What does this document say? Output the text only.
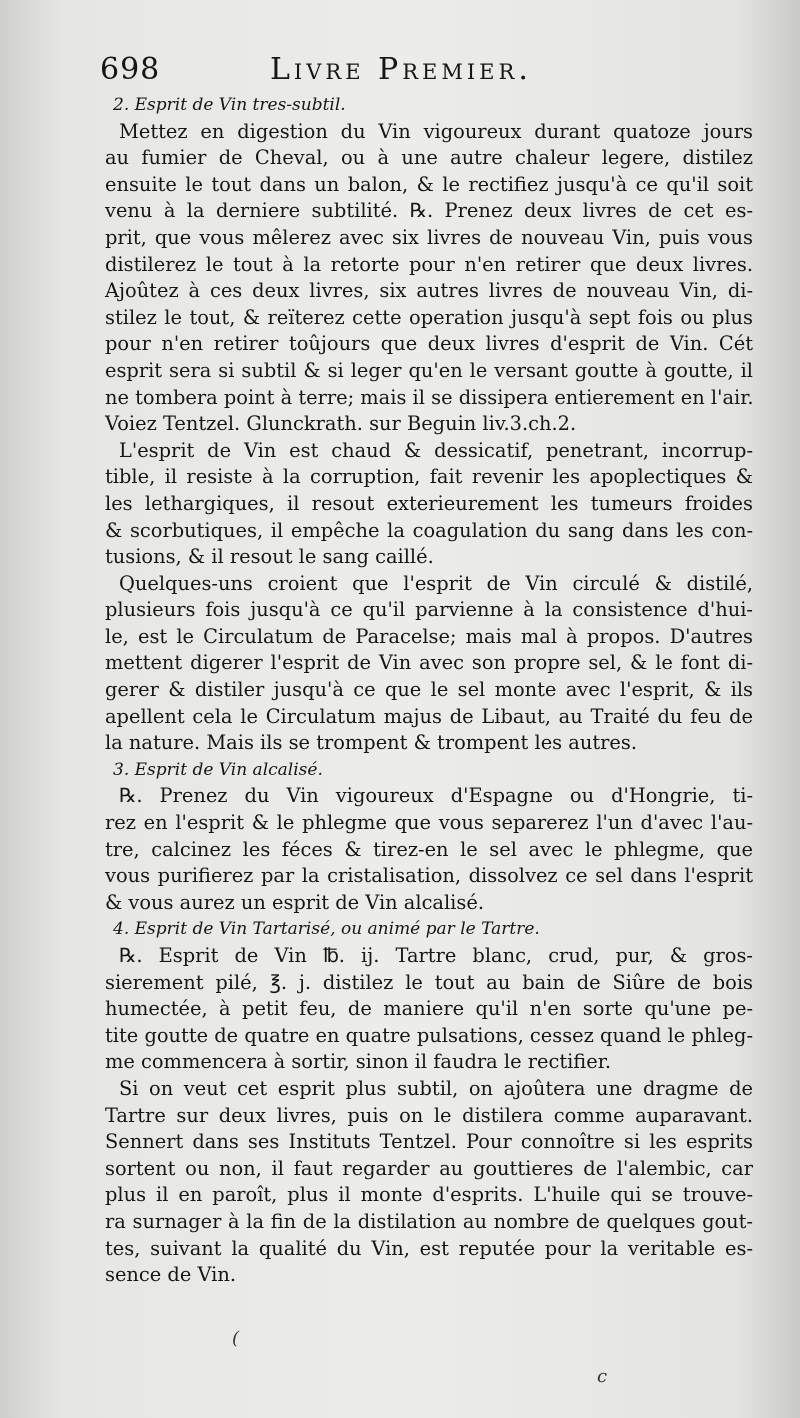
698	Livre Premier.
2. Esprit de Vin tres-subtil.
Mettez en digestion du Vin vigoureux durant quatoze jours
au fumier de Cheval, ou à une autre chaleur legere, distilez
ensuite le tout dans un balon, & le rectifiez jusqu'à ce qu'il soit
venu à la derniere subtilité. ℞. Prenez deux livres de cet es-
prit, que vous mêlerez avec six livres de nouveau Vin, puis vous
distilerez le tout à la retorte pour n'en retirer que deux livres.
Ajoûtez à ces deux livres, six autres livres de nouveau Vin, di-
stilez le tout, & reïterez cette operation jusqu'à sept fois ou plus
pour n'en retirer toûjours que deux livres d'esprit de Vin. Cét
esprit sera si subtil & si leger qu'en le versant goutte à goutte, il
ne tombera point à terre; mais il se dissipera entierement en l'air.
Voiez Tentzel. Glunckrath. sur Beguin liv.3.ch.2.
L'esprit de Vin est chaud & dessicatif, penetrant, incorrup-
tible, il resiste à la corruption, fait revenir les apoplectiques &
les lethargiques, il resout exterieurement les tumeurs froides
& scorbutiques, il empêche la coagulation du sang dans les con-
tusions, & il resout le sang caillé.
Quelques-uns croient que l'esprit de Vin circulé & distilé,
plusieurs fois jusqu'à ce qu'il parvienne à la consistence d'hui-
le, est le Circulatum de Paracelse; mais mal à propos. D'autres
mettent digerer l'esprit de Vin avec son propre sel, & le font di-
gerer & distiler jusqu'à ce que le sel monte avec l'esprit, & ils
apellent cela le Circulatum majus de Libaut, au Traité du feu de
la nature. Mais ils se trompent & trompent les autres.
3. Esprit de Vin alcalisé.
℞. Prenez du Vin vigoureux d'Espagne ou d'Hongrie, ti-
rez en l'esprit & le phlegme que vous separerez l'un d'avec l'au-
tre, calcinez les féces & tirez-en le sel avec le phlegme, que
vous purifierez par la cristalisation, dissolvez ce sel dans l'esprit
& vous aurez un esprit de Vin alcalisé.
4. Esprit de Vin Tartarisé, ou animé par le Tartre.
℞. Esprit de Vin ℔. ij. Tartre blanc, crud, pur, & gros-
sierement pilé, ℥. j. distilez le tout au bain de Siûre de bois
humectée, à petit feu, de maniere qu'il n'en sorte qu'une pe-
tite goutte de quatre en quatre pulsations, cessez quand le phleg-
me commencera à sortir, sinon il faudra le rectifier.
Si on veut cet esprit plus subtil, on ajoûtera une dragme de
Tartre sur deux livres, puis on le distilera comme auparavant.
Sennert dans ses Instituts Tentzel. Pour connoître si les esprits
sortent ou non, il faut regarder au gouttieres de l'alembic, car
plus il en paroît, plus il monte d'esprits. L'huile qui se trouve-
ra surnager à la fin de la distilation au nombre de quelques gout-
tes, suivant la qualité du Vin, est reputée pour la veritable es-
sence de Vin.
(
c
